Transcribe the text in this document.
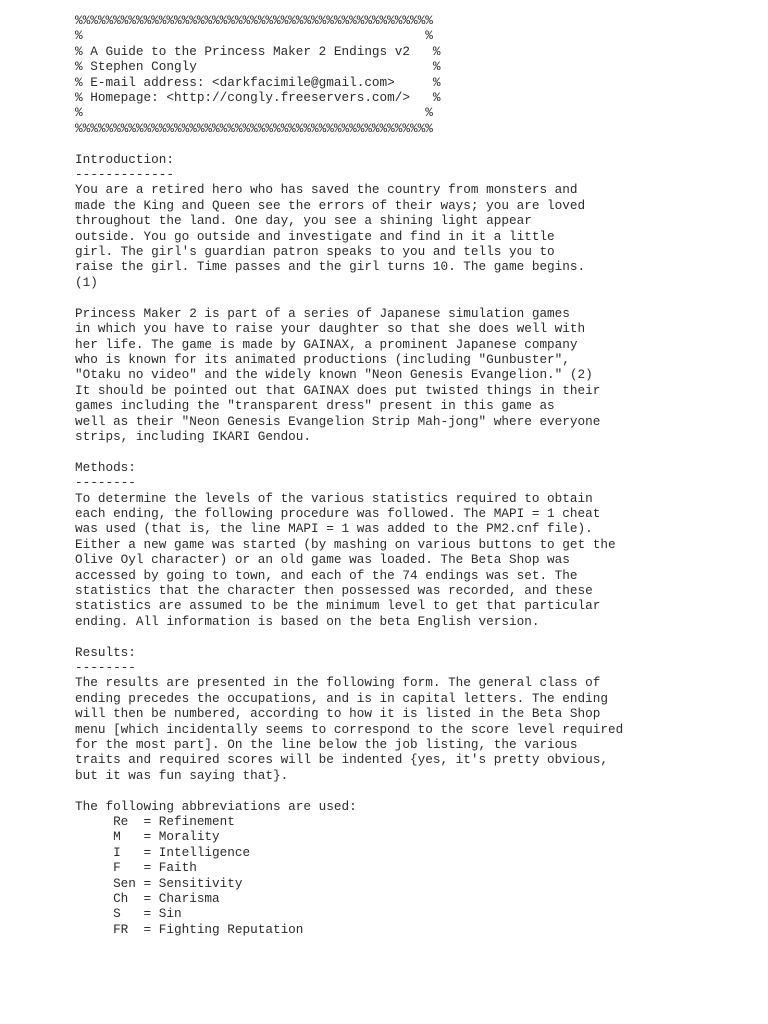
%%%%%%%%%%%%%%%%%%%%%%%%%%%%%%%%%%%%%%%%%%%%%%%
%                                             %
% A Guide to the Princess Maker 2 Endings v2   %
% Stephen Congly                               %
% E-mail address: <darkfacimile@gmail.com>     %
% Homepage: <http://congly.freeservers.com/>   %
%                                             %
%%%%%%%%%%%%%%%%%%%%%%%%%%%%%%%%%%%%%%%%%%%%%%%
Introduction:
-------------
You are a retired hero who has saved the country from monsters and
made the King and Queen see the errors of their ways; you are loved
throughout the land. One day, you see a shining light appear
outside. You go outside and investigate and find in it a little
girl. The girl's guardian patron speaks to you and tells you to
raise the girl. Time passes and the girl turns 10. The game begins.
(1)
Princess Maker 2 is part of a series of Japanese simulation games
in which you have to raise your daughter so that she does well with
her life. The game is made by GAINAX, a prominent Japanese company
who is known for its animated productions (including "Gunbuster",
"Otaku no video" and the widely known "Neon Genesis Evangelion." (2)
It should be pointed out that GAINAX does put twisted things in their
games including the "transparent dress" present in this game as
well as their "Neon Genesis Evangelion Strip Mah-jong" where everyone
strips, including IKARI Gendou.
Methods:
--------
To determine the levels of the various statistics required to obtain
each ending, the following procedure was followed. The MAPI = 1 cheat
was used (that is, the line MAPI = 1 was added to the PM2.cnf file).
Either a new game was started (by mashing on various buttons to get the
Olive Oyl character) or an old game was loaded. The Beta Shop was
accessed by going to town, and each of the 74 endings was set. The
statistics that the character then possessed was recorded, and these
statistics are assumed to be the minimum level to get that particular
ending. All information is based on the beta English version.
Results:
--------
The results are presented in the following form. The general class of
ending precedes the occupations, and is in capital letters. The ending
will then be numbered, according to how it is listed in the Beta Shop
menu [which incidentally seems to correspond to the score level required
for the most part]. On the line below the job listing, the various
traits and required scores will be indented {yes, it's pretty obvious,
but it was fun saying that}.
The following abbreviations are used:
Re  = Refinement
M   = Morality
I   = Intelligence
F   = Faith
Sen = Sensitivity
Ch  = Charisma
S   = Sin
FR  = Fighting Reputation
